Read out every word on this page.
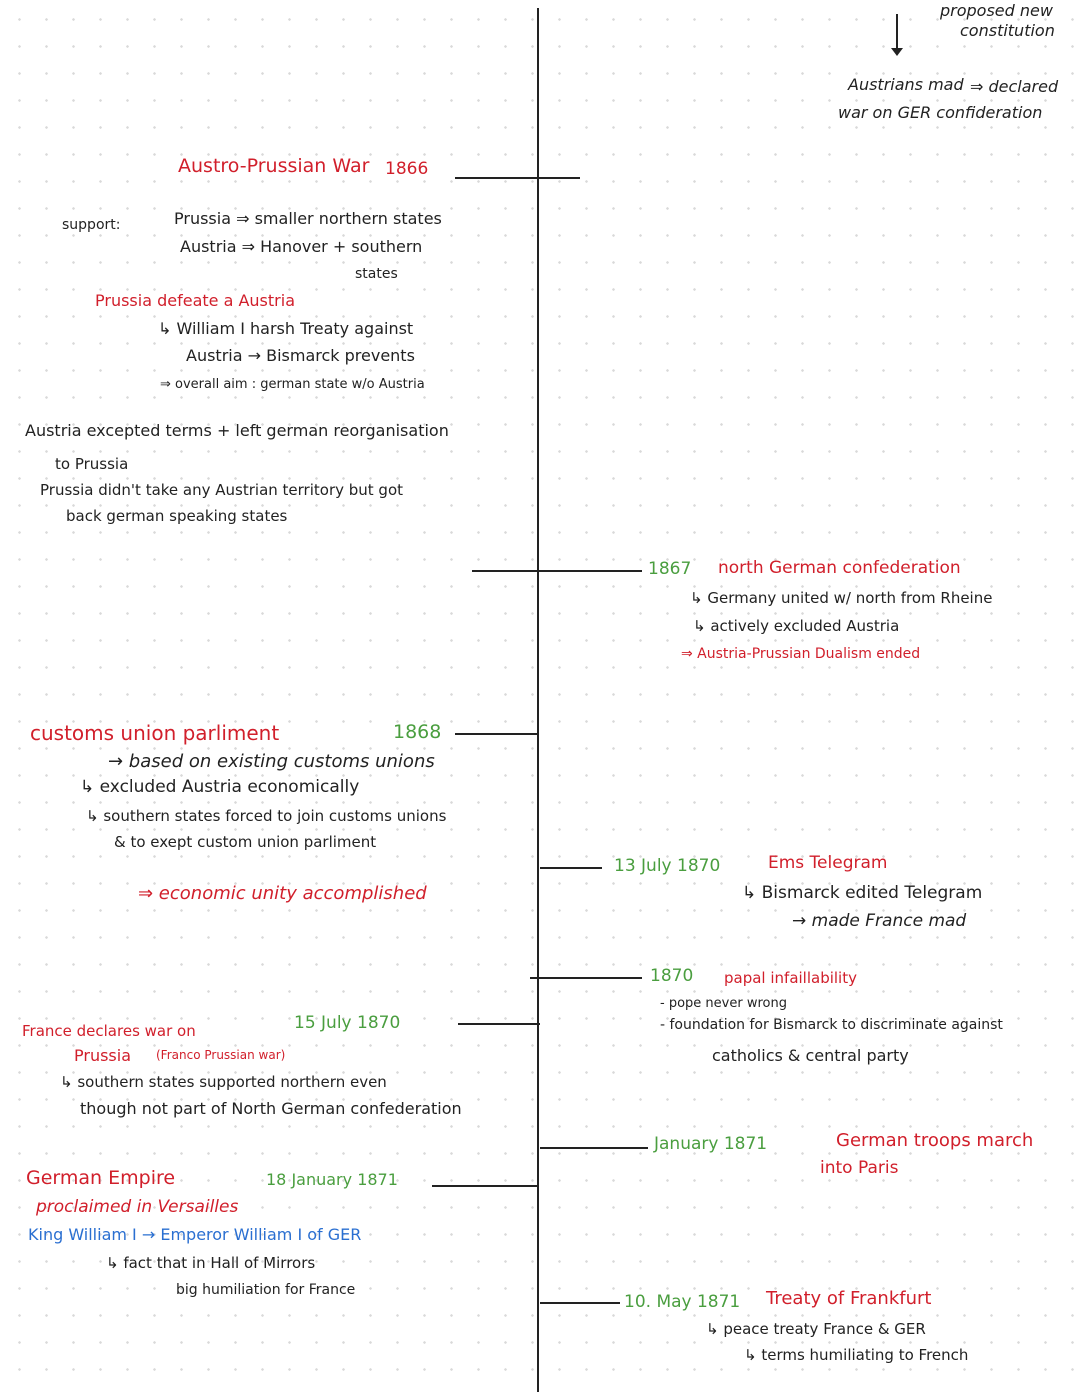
proposed new
constitution
Austrians mad ⇒ declared
war on GER confideration
Austro-Prussian War 1866
support:	Prussia ⇒ smaller northern states
Austria ⇒ Hanover + southern
states
Prussia defeate a Austria
↳ William I harsh Treaty against
Austria → Bismarck prevents
⇒ overall aim : german state w/o Austria
Austria excepted terms + left german reorganisation
to Prussia
Prussia didn't take any Austrian territory but got
back german speaking states
1867 north German confederation
↳ Germany united w/ north from Rheine
↳ actively excluded Austria
⇒ Austria-Prussian Dualism ended
customs union parliment	1868
→ based on existing customs unions
↳ excluded Austria economically
↳ southern states forced to join customs unions
& to exept custom union parliment
⇒ economic unity accomplished
13 July 1870	Ems Telegram
↳ Bismarck edited Telegram
→ made France mad
1870 papal infaillability
- pope never wrong
- foundation for Bismarck to discriminate against
catholics & central party
France declares war on	15 July 1870
Prussia (Franco Prussian war)
↳ southern states supported northern even
though not part of North German confederation
January 1871	German troops march
into Paris
German Empire	18 January 1871
proclaimed in Versailles
King William I → Emperor William I of GER
↳ fact that in Hall of Mirrors
big humiliation for France
10. May 1871 Treaty of Frankfurt
↳ peace treaty France & GER
↳ terms humiliating to French
